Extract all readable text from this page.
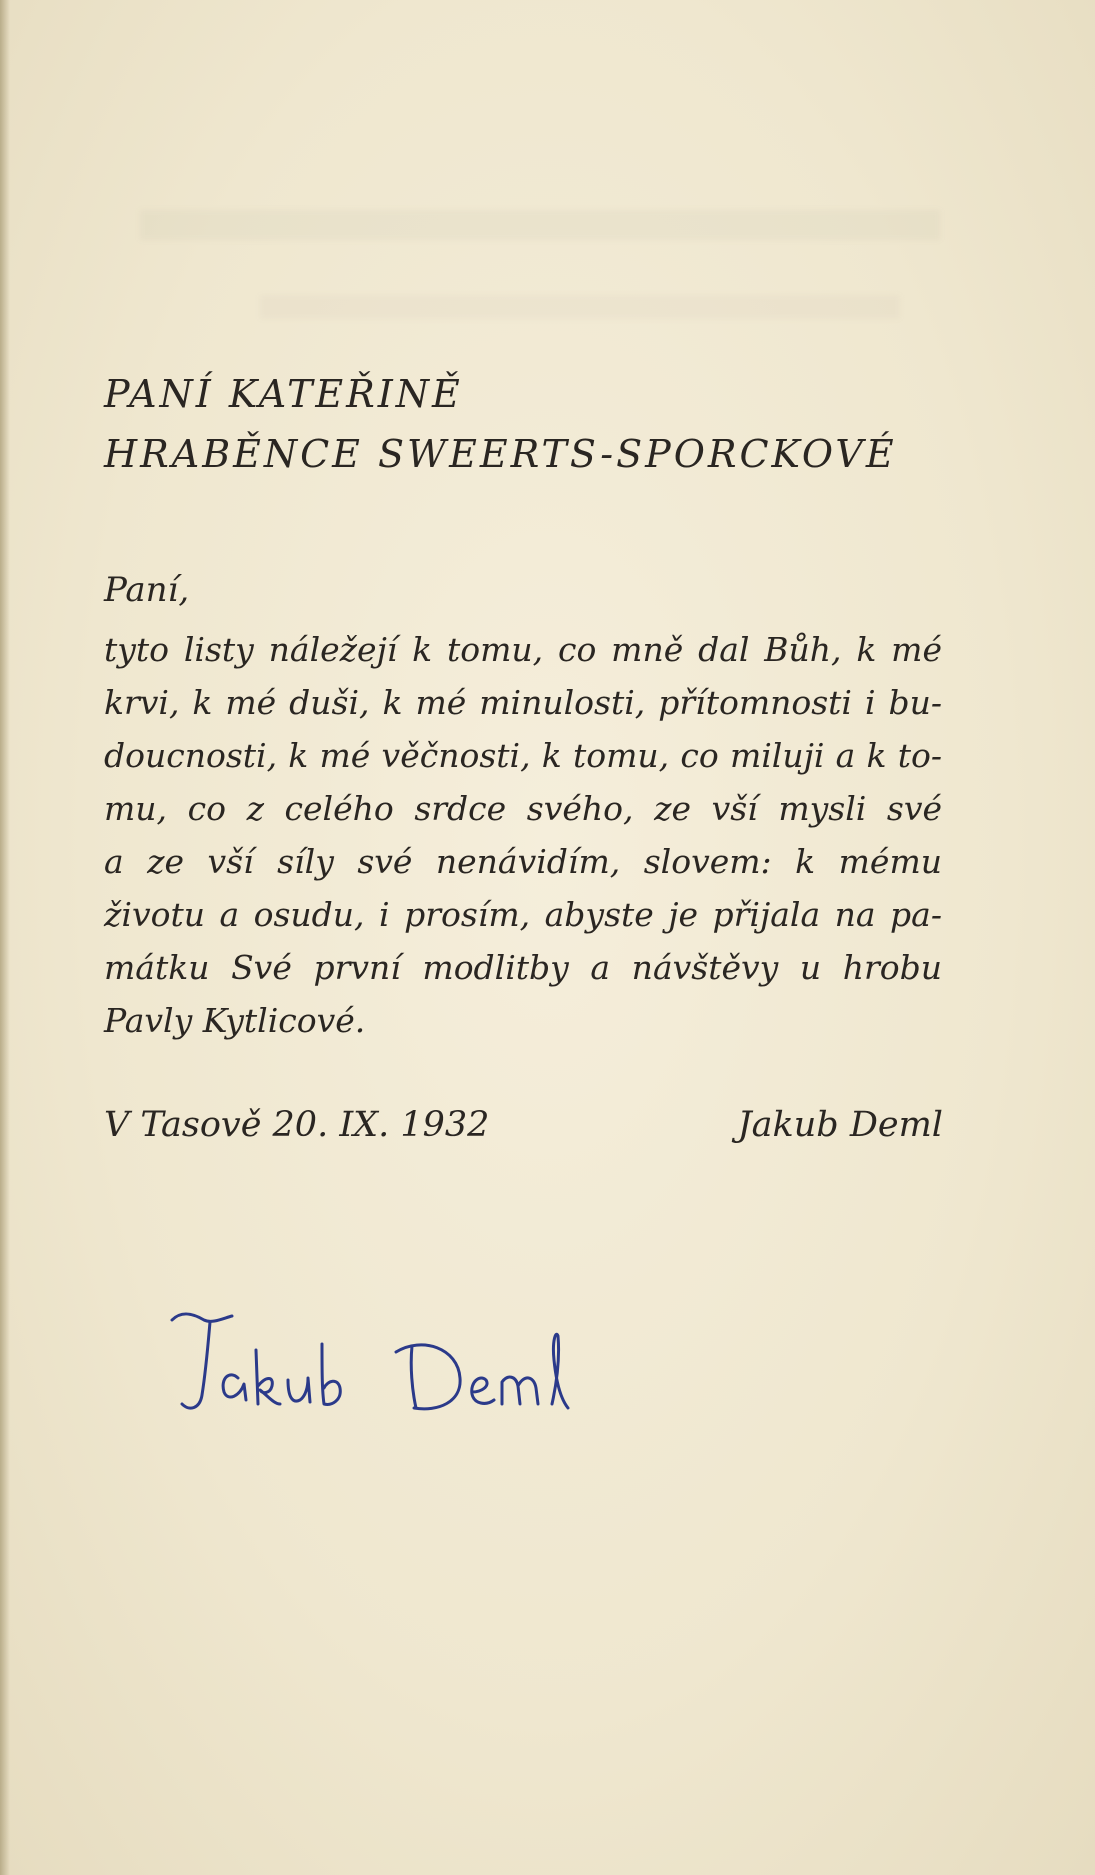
PANÍ KATEŘINĚ
HRABĚNCE SWEERTS-SPORCKOVÉ
Paní,
tyto listy náležejí k tomu, co mně dal Bůh, k mé
krvi, k mé duši, k mé minulosti, přítomnosti i bu-
doucnosti, k mé věčnosti, k tomu, co miluji a k to-
mu, co z celého srdce svého, ze vší mysli své
a ze vší síly své nenávidím, slovem: k mému
životu a osudu, i prosím, abyste je přijala na pa-
mátku Své první modlitby a návštěvy u hrobu
Pavly Kytlicové.
V Tasově 20. IX. 1932	Jakub Deml
